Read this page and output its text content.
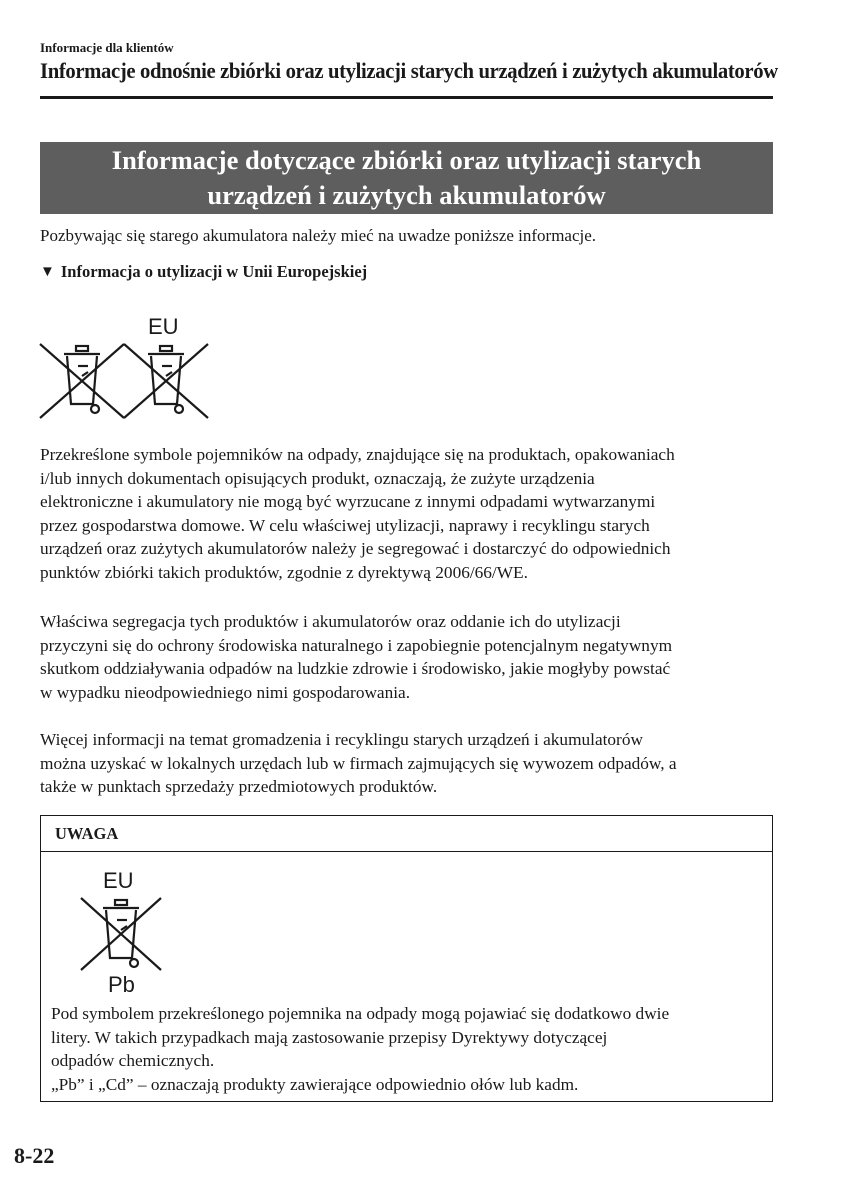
Informacje dla klientów
Informacje odnośnie zbiórki oraz utylizacji starych urządzeń i zużytych akumulatorów
Informacje dotyczące zbiórki oraz utylizacji starych
urządzeń i zużytych akumulatorów
Pozbywając się starego akumulatora należy mieć na uwadze poniższe informacje.
▼ Informacja o utylizacji w Unii Europejskiej
EU
Przekreślone symbole pojemników na odpady, znajdujące się na produktach, opakowaniach
i/lub innych dokumentach opisujących produkt, oznaczają, że zużyte urządzenia
elektroniczne i akumulatory nie mogą być wyrzucane z innymi odpadami wytwarzanymi
przez gospodarstwa domowe. W celu właściwej utylizacji, naprawy i recyklingu starych
urządzeń oraz zużytych akumulatorów należy je segregować i dostarczyć do odpowiednich
punktów zbiórki takich produktów, zgodnie z dyrektywą 2006/66/WE.
Właściwa segregacja tych produktów i akumulatorów oraz oddanie ich do utylizacji
przyczyni się do ochrony środowiska naturalnego i zapobiegnie potencjalnym negatywnym
skutkom oddziaływania odpadów na ludzkie zdrowie i środowisko, jakie mogłyby powstać
w wypadku nieodpowiedniego nimi gospodarowania.
Więcej informacji na temat gromadzenia i recyklingu starych urządzeń i akumulatorów
można uzyskać w lokalnych urzędach lub w firmach zajmujących się wywozem odpadów, a
także w punktach sprzedaży przedmiotowych produktów.
UWAGA
EU
Pb
Pod symbolem przekreślonego pojemnika na odpady mogą pojawiać się dodatkowo dwie
litery. W takich przypadkach mają zastosowanie przepisy Dyrektywy dotyczącej
odpadów chemicznych.
„Pb” i „Cd” – oznaczają produkty zawierające odpowiednio ołów lub kadm.
8-22
